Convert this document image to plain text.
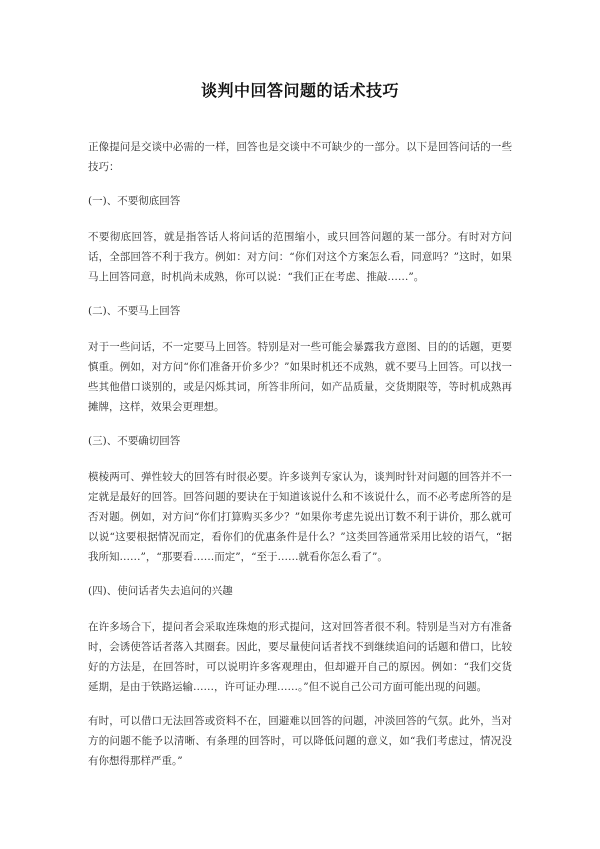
谈判中回答问题的话术技巧

正像提问是交谈中必需的一样，回答也是交谈中不可缺少的一部分。以下是回答问话的一些技巧：

(一)、不要彻底回答

不要彻底回答，就是指答话人将问话的范围缩小，或只回答问题的某一部分。有时对方问话，全部回答不利于我方。例如：对方问：“你们对这个方案怎么看，同意吗？”这时，如果马上回答同意，时机尚未成熟，你可以说：“我们正在考虑、推敲……”。

(二)、不要马上回答

对于一些问话，不一定要马上回答。特别是对一些可能会暴露我方意图、目的的话题，更要慎重。例如，对方问“你们准备开价多少？”如果时机还不成熟，就不要马上回答。可以找一些其他借口谈别的，或是闪烁其词，所答非所问，如产品质量，交货期限等，等时机成熟再摊牌，这样，效果会更理想。

(三)、不要确切回答

模棱两可、弹性较大的回答有时很必要。许多谈判专家认为，谈判时针对问题的回答并不一定就是最好的回答。回答问题的要诀在于知道该说什么和不该说什么，而不必考虑所答的是否对题。例如，对方问“你们打算购买多少？”如果你考虑先说出订数不利于讲价，那么就可以说“这要根据情况而定，看你们的优惠条件是什么？”这类回答通常采用比较的语气，“据我所知……”，“那要看……而定”，“至于……就看你怎么看了”。

(四)、使问话者失去追问的兴趣

在许多场合下，提问者会采取连珠炮的形式提问，这对回答者很不利。特别是当对方有准备时，会诱使答话者落入其圈套。因此，要尽量使问话者找不到继续追问的话题和借口，比较好的方法是，在回答时，可以说明许多客观理由，但却避开自己的原因。例如：“我们交货延期，是由于铁路运输……，许可证办理……。”但不说自己公司方面可能出现的问题。

有时，可以借口无法回答或资料不在，回避难以回答的问题，冲淡回答的气氛。此外，当对方的问题不能予以清晰、有条理的回答时，可以降低问题的意义，如“我们考虑过，情况没有你想得那样严重。”
